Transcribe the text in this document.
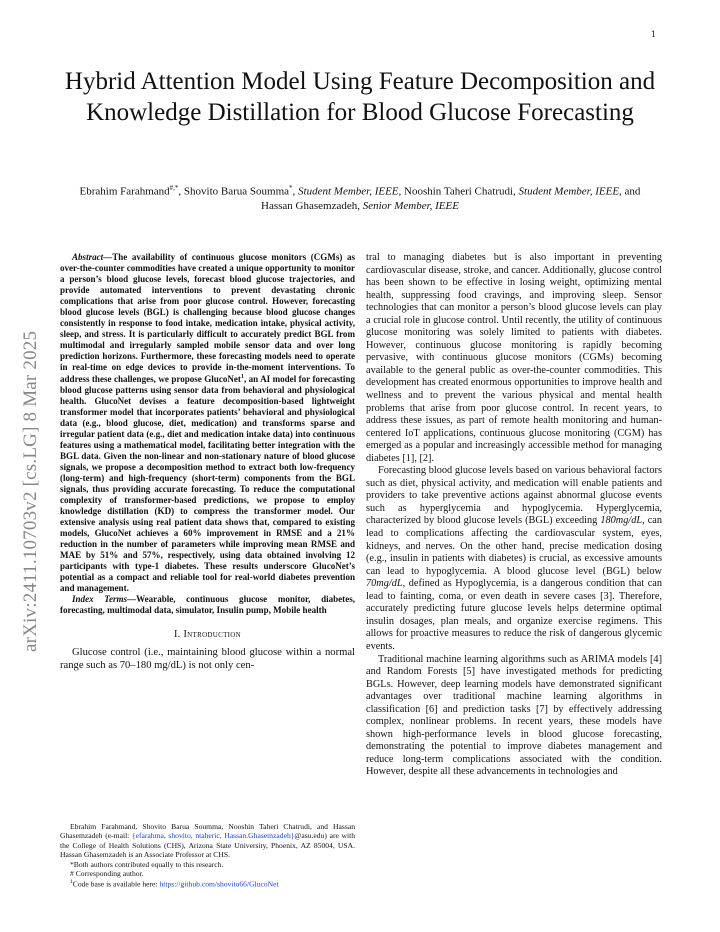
1
arXiv:2411.10703v2 [cs.LG] 8 Mar 2025
Hybrid Attention Model Using Feature Decomposition and Knowledge Distillation for Blood Glucose Forecasting
Ebrahim Farahmand#,*, Shovito Barua Soumma*, Student Member, IEEE, Nooshin Taheri Chatrudi, Student Member, IEEE, and Hassan Ghasemzadeh, Senior Member, IEEE

Abstract—The availability of continuous glucose monitors (CGMs) as over-the-counter commodities have created a unique opportunity to monitor a person’s blood glucose levels, forecast blood glucose trajectories, and provide automated interventions to prevent devastating chronic complications that arise from poor glucose control. However, forecasting blood glucose levels (BGL) is challenging because blood glucose changes consistently in response to food intake, medication intake, physical activity, sleep, and stress. It is particularly difficult to accurately predict BGL from multimodal and irregularly sampled mobile sensor data and over long prediction horizons. Furthermore, these forecasting models need to operate in real-time on edge devices to provide in-the-moment interventions. To address these challenges, we propose GlucoNet$^1$, an AI model for forecasting blood glucose patterns using sensor data from behavioral and physiological health. GlucoNet devises a feature decomposition-based lightweight transformer model that incorporates patients’ behavioral and physiological data (e.g., blood glucose, diet, medication) and transforms sparse and irregular patient data (e.g., diet and medication intake data) into continuous features using a mathematical model, facilitating better integration with the BGL data. Given the non-linear and non-stationary nature of blood glucose signals, we propose a decomposition method to extract both low-frequency (long-term) and high-frequency (short-term) components from the BGL signals, thus providing accurate forecasting. To reduce the computational complexity of transformer-based predictions, we propose to employ knowledge distillation (KD) to compress the transformer model. Our extensive analysis using real patient data shows that, compared to existing models, GlucoNet achieves a 60% improvement in RMSE and a 21% reduction in the number of parameters while improving mean RMSE and MAE by 51% and 57%, respectively, using data obtained involving 12 participants with type-1 diabetes. These results underscore GlucoNet’s potential as a compact and reliable tool for real-world diabetes prevention and management.

Index Terms—Wearable, continuous glucose monitor, diabetes, forecasting, multimodal data, simulator, Insulin pump, Mobile health

I. Introduction

Glucose control (i.e., maintaining blood glucose within a normal range such as 70–180 mg/dL) is not only cen-

Ebrahim Farahmand, Shovito Barua Soumma, Nooshin Taheri Chatrudi, and Hassan Ghasemzadeh (e-mail: {efarahma, shovito, ntaheric, Hassan.Ghasemzadeh}@asu.edu) are with the College of Health Solutions (CHS), Arizona State University, Phoenix, AZ 85004, USA. Hassan Ghasemzadeh is an Associate Professor at CHS.

*Both authors contributed equally to this research.

# Corresponding author.

$^1$Code base is available here: https://github.com/shovito66/GlucoNet

tral to managing diabetes but is also important in preventing cardiovascular disease, stroke, and cancer. Additionally, glucose control has been shown to be effective in losing weight, optimizing mental health, suppressing food cravings, and improving sleep. Sensor technologies that can monitor a person’s blood glucose levels can play a crucial role in glucose control. Until recently, the utility of continuous glucose monitoring was solely limited to patients with diabetes. However, continuous glucose monitoring is rapidly becoming pervasive, with continuous glucose monitors (CGMs) becoming available to the general public as over-the-counter commodities. This development has created enormous opportunities to improve health and wellness and to prevent the various physical and mental health problems that arise from poor glucose control. In recent years, to address these issues, as part of remote health monitoring and human-centered IoT applications, continuous glucose monitoring (CGM) has emerged as a popular and increasingly accessible method for managing diabetes [1], [2].

Forecasting blood glucose levels based on various behavioral factors such as diet, physical activity, and medication will enable patients and providers to take preventive actions against abnormal glucose events such as hyperglycemia and hypoglycemia. Hyperglycemia, characterized by blood glucose levels (BGL) exceeding 180mg/dL, can lead to complications affecting the cardiovascular system, eyes, kidneys, and nerves. On the other hand, precise medication dosing (e.g., insulin in patients with diabetes) is crucial, as excessive amounts can lead to hypoglycemia. A blood glucose level (BGL) below 70mg/dL, defined as Hypoglycemia, is a dangerous condition that can lead to fainting, coma, or even death in severe cases [3]. Therefore, accurately predicting future glucose levels helps determine optimal insulin dosages, plan meals, and organize exercise regimens. This allows for proactive measures to reduce the risk of dangerous glycemic events.

Traditional machine learning algorithms such as ARIMA models [4] and Random Forests [5] have investigated methods for predicting BGLs. However, deep learning models have demonstrated significant advantages over traditional machine learning algorithms in classification [6] and prediction tasks [7] by effectively addressing complex, nonlinear problems. In recent years, these models have shown high-performance levels in blood glucose forecasting, demonstrating the potential to improve diabetes management and reduce long-term complications associated with the condition. However, despite all these advancements in technologies and
